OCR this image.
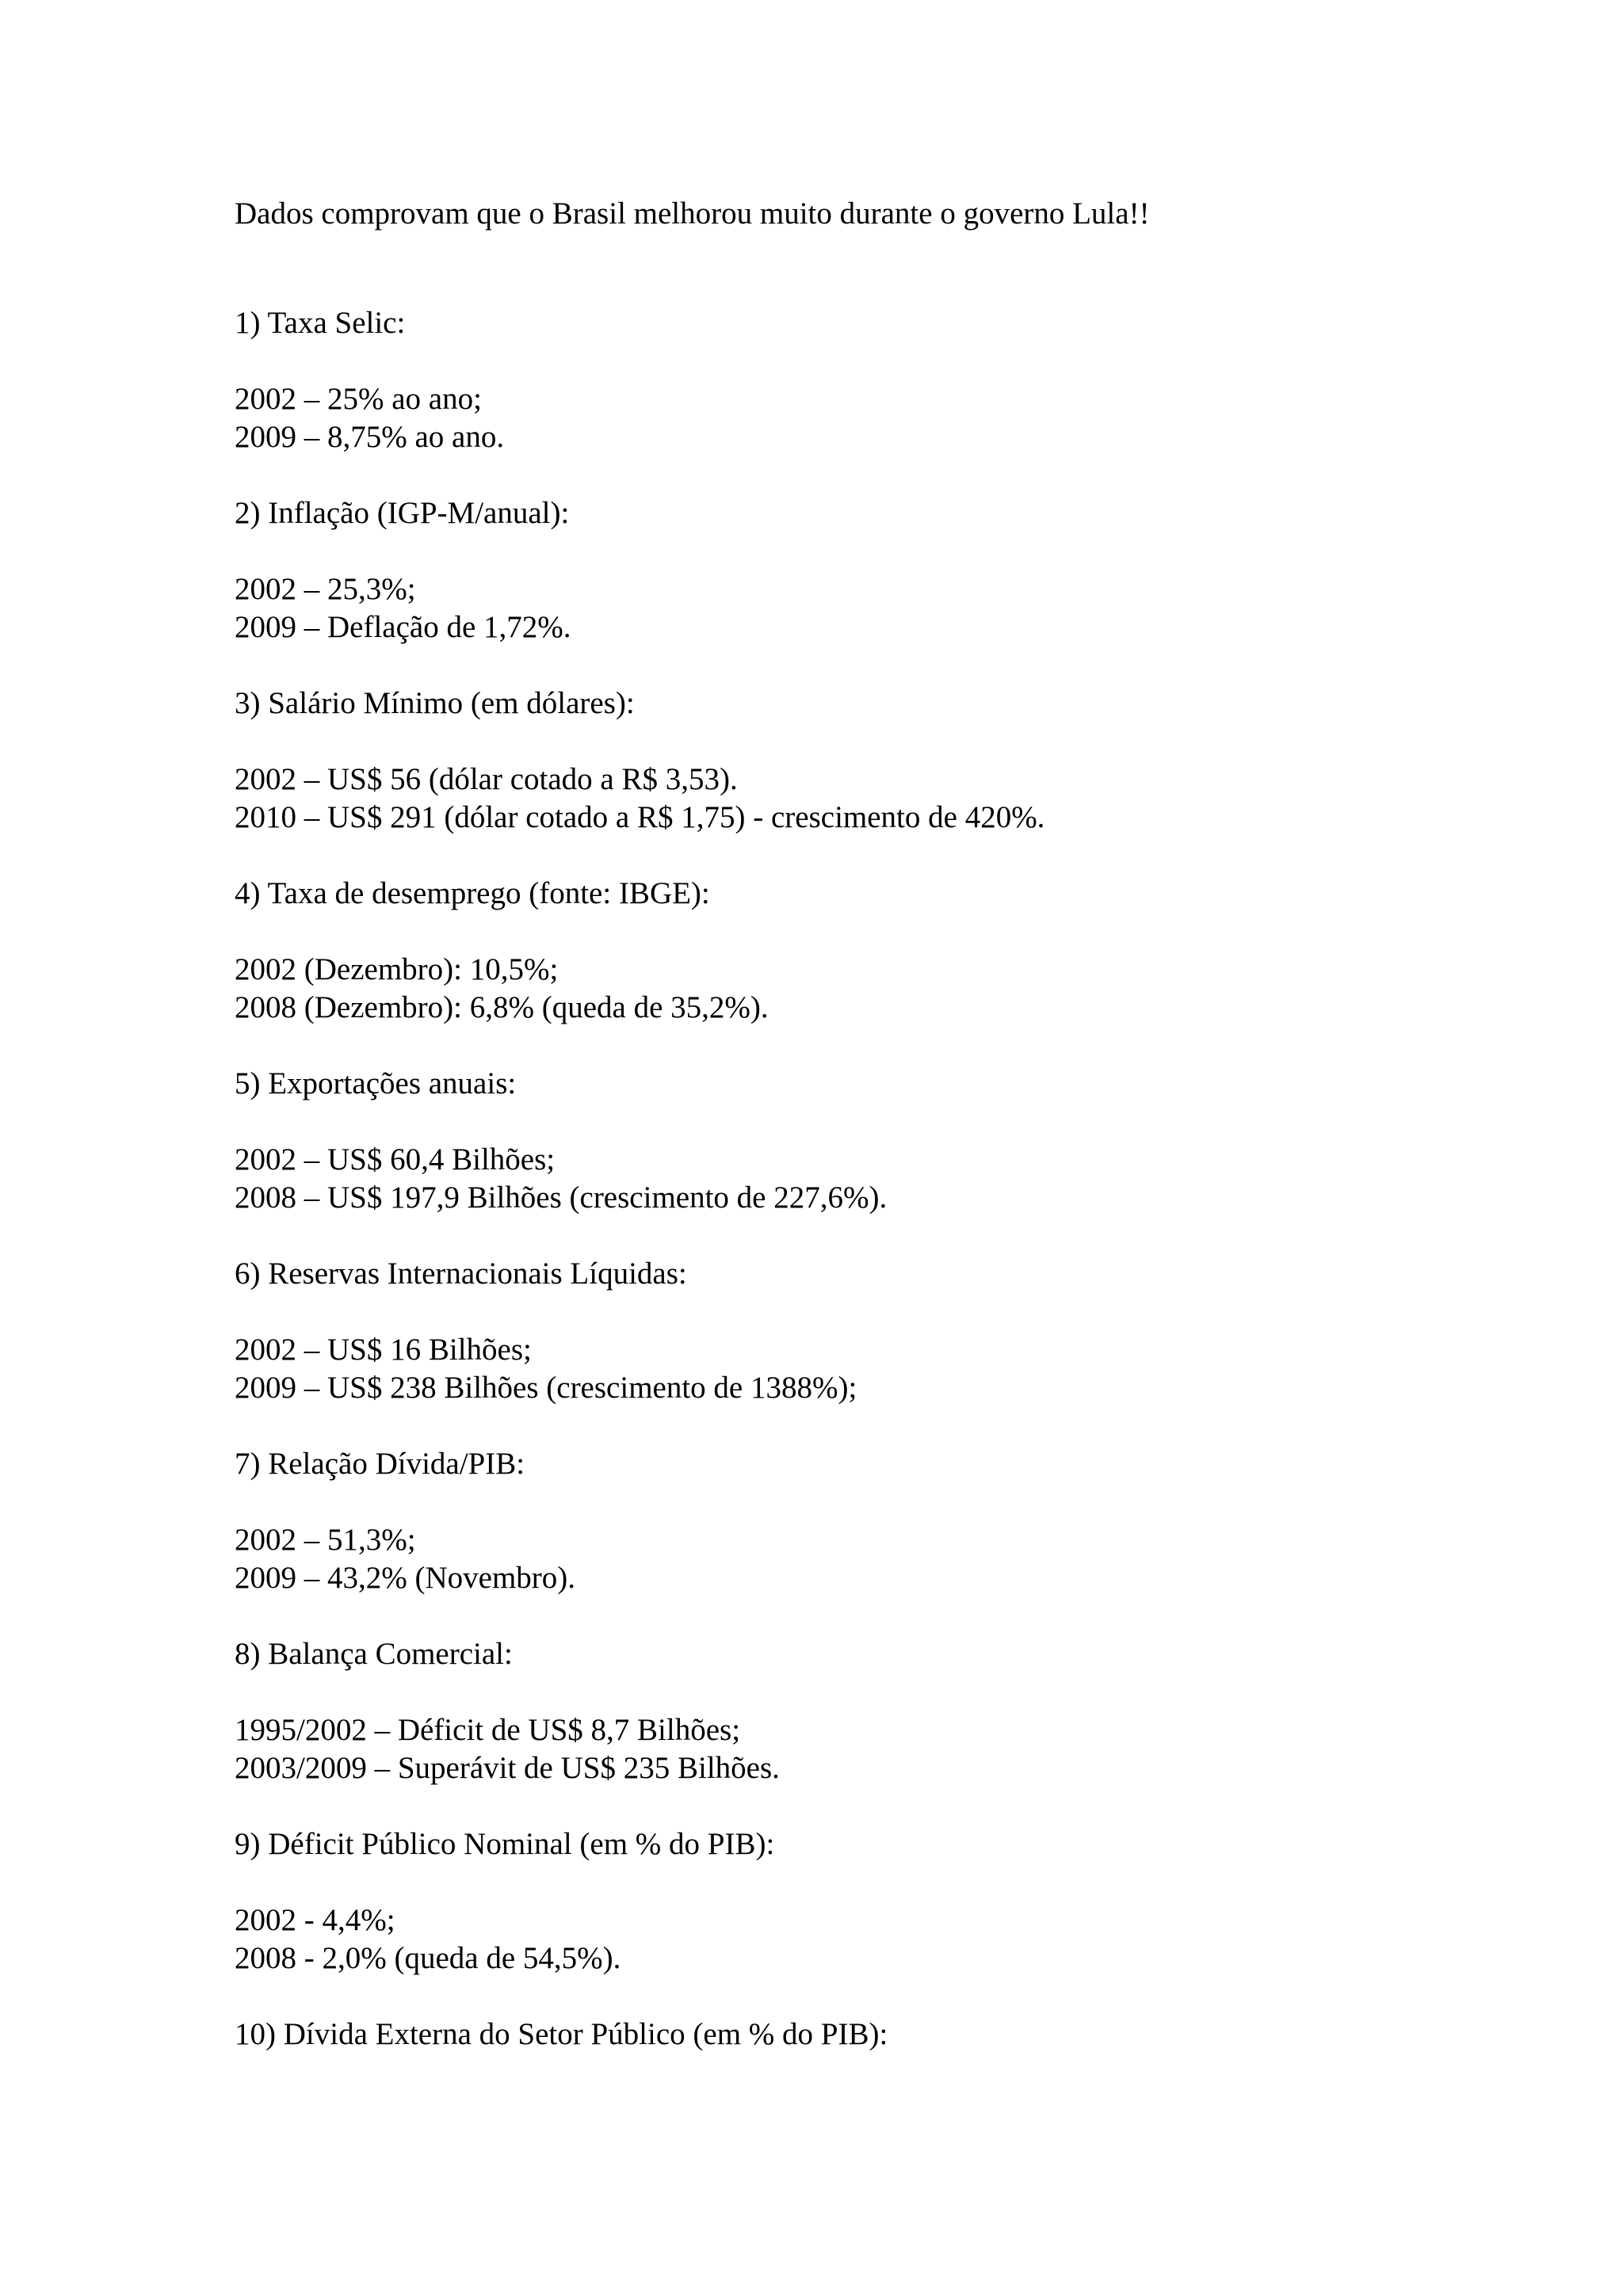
Dados comprovam que o Brasil melhorou muito durante o governo Lula!!

1) Taxa Selic:

2002 – 25% ao ano;

2009 – 8,75% ao ano.

2) Inflação (IGP-M/anual):

2002 – 25,3%;

2009 – Deflação de 1,72%.

3) Salário Mínimo (em dólares):

2002 – US$ 56 (dólar cotado a R$ 3,53).

2010 – US$ 291 (dólar cotado a R$ 1,75) - crescimento de 420%.

4) Taxa de desemprego (fonte: IBGE):

2002 (Dezembro): 10,5%;

2008 (Dezembro): 6,8% (queda de 35,2%).

5) Exportações anuais:

2002 – US$ 60,4 Bilhões;

2008 – US$ 197,9 Bilhões (crescimento de 227,6%).

6) Reservas Internacionais Líquidas:

2002 – US$ 16 Bilhões;

2009 – US$ 238 Bilhões (crescimento de 1388%);

7) Relação Dívida/PIB:

2002 – 51,3%;

2009 – 43,2% (Novembro).

8) Balança Comercial:

1995/2002 – Déficit de US$ 8,7 Bilhões;

2003/2009 – Superávit de US$ 235 Bilhões.

9) Déficit Público Nominal (em % do PIB):

2002 - 4,4%;

2008 - 2,0% (queda de 54,5%).

10) Dívida Externa do Setor Público (em % do PIB):
